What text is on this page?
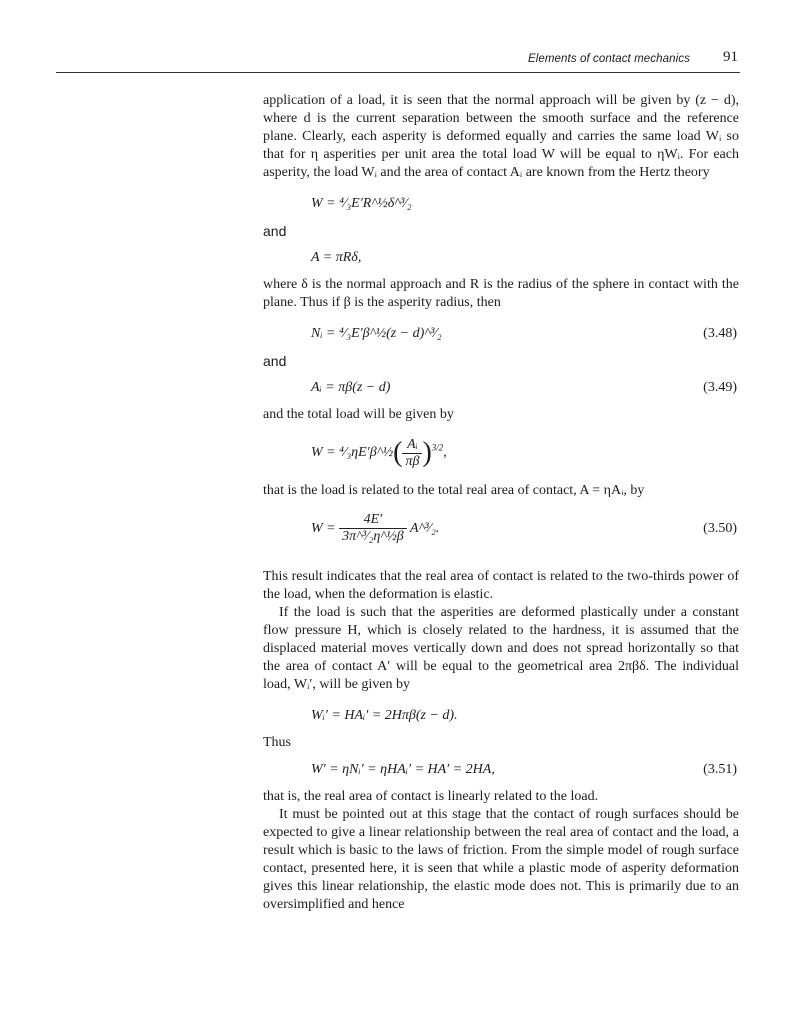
Elements of contact mechanics 91

application of a load, it is seen that the normal approach will be given by (z − d), where d is the current separation between the smooth surface and the reference plane. Clearly, each asperity is deformed equally and carries the same load Wᵢ so that for η asperities per unit area the total load W will be equal to ηWᵢ. For each asperity, the load Wᵢ and the area of contact Aᵢ are known from the Hertz theory

W = ⁴⁄₃E′R^½δ^³⁄₂

and

A = πRδ,

where δ is the normal approach and R is the radius of the sphere in contact with the plane. Thus if β is the asperity radius, then

Nᵢ = ⁴⁄₃E′β^½(z − d)^³⁄₂	(3.48)

and

Aᵢ = πβ(z − d)	(3.49)

and the total load will be given by

W = ⁴⁄₃ηE′β^½( $\frac{\text{Aᵢ}}{\pi\beta} )^{3/2}$,

that is the load is related to the total real area of contact, A = ηAᵢ, by

$W = \frac{4E'}{\text{3π\textasciicircum{}³⁄₂η\textasciicircum{}½β}}$ A^³⁄₂.	(3.50)

This result indicates that the real area of contact is related to the two-thirds power of the load, when the deformation is elastic.

If the load is such that the asperities are deformed plastically under a constant flow pressure H, which is closely related to the hardness, it is assumed that the displaced material moves vertically down and does not spread horizontally so that the area of contact A′ will be equal to the geometrical area 2πβδ. The individual load, Wᵢ′, will be given by

Wᵢ′ = HAᵢ′ = 2Hπβ(z − d).

Thus

W′ = ηNᵢ′ = ηHAᵢ′ = HA′ = 2HA,	(3.51)

that is, the real area of contact is linearly related to the load.

It must be pointed out at this stage that the contact of rough surfaces should be expected to give a linear relationship between the real area of contact and the load, a result which is basic to the laws of friction. From the simple model of rough surface contact, presented here, it is seen that while a plastic mode of asperity deformation gives this linear relationship, the elastic mode does not. This is primarily due to an oversimplified and hence
